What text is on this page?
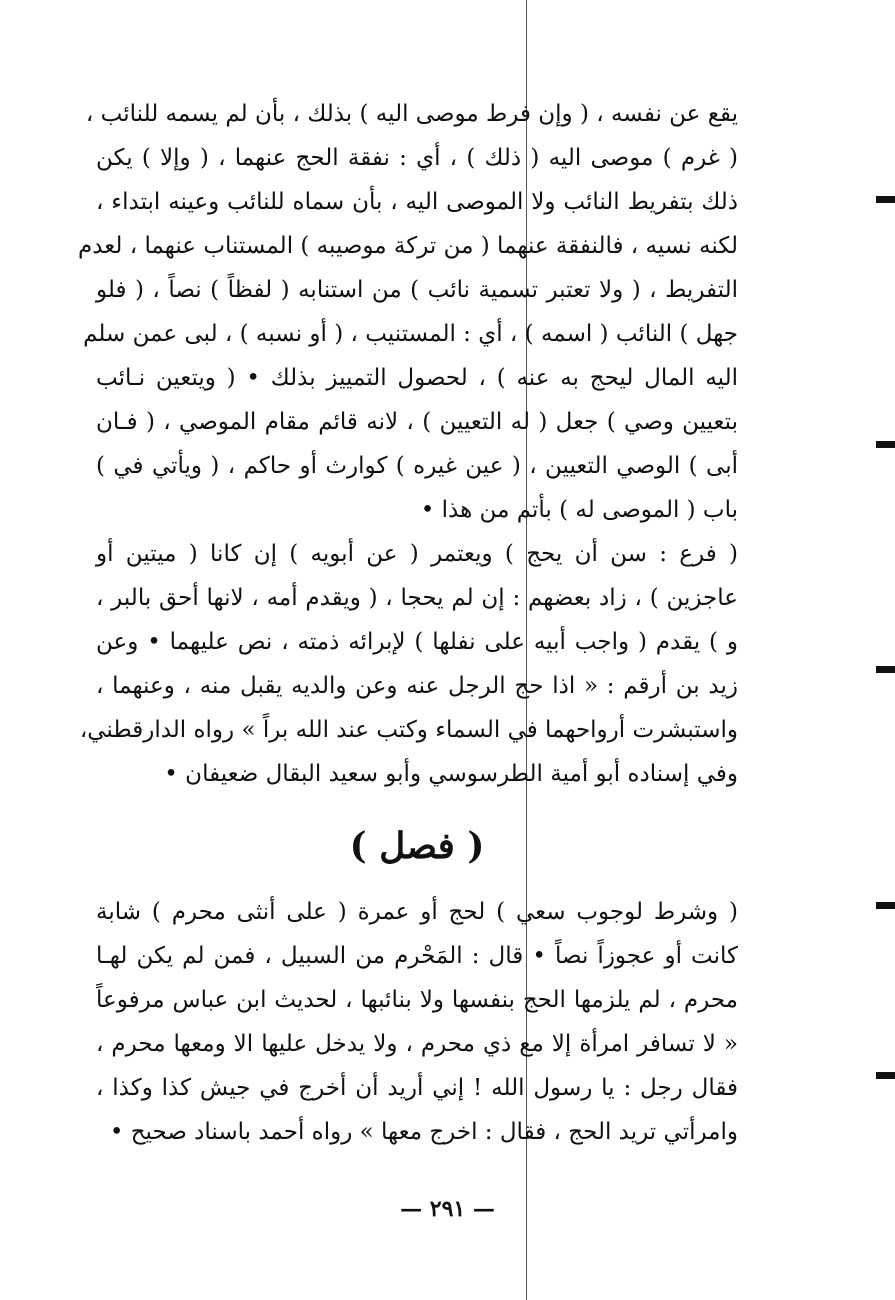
يقع عن نفسه ، ( وإن فرط موصى اليه ) بذلك ، بأن لم يسمه للنائب ،
( غرم ) موصى اليه ( ذلك ) ، أي : نفقة الحج عنهما ، ( وإلا ) يكن
ذلك بتفريط النائب ولا الموصى اليه ، بأن سماه للنائب وعينه ابتداء ،
لكنه نسيه ، فالنفقة عنهما ( من تركة موصيبه ) المستناب عنهما ، لعدم
التفريط ، ( ولا تعتبر تسمية نائب ) من استنابه ( لفظاً ) نصاً ، ( فلو
جهل ) النائب ( اسمه ) ، أي : المستنيب ، ( أو نسبه ) ، لبى عمن سلم
اليه المال ليحج به عنه ) ، لحصول التمييز بذلك • ( ويتعين نـائب
بتعيين وصي ) جعل ( له التعيين ) ، لانه قائم مقام الموصي ، ( فـان
أبى ) الوصي التعيين ، ( عين غيره ) كوارث أو حاكم ، ( ويأتي في )
باب ( الموصى له ) بأتم من هذا •
( فرع : سن أن يحج ) ويعتمر ( عن أبويه ) إن كانا ( ميتين أو
عاجزين ) ، زاد بعضهم : إن لم يحجا ، ( ويقدم أمه ، لانها أحق بالبر ،
و ) يقدم ( واجب أبيه على نفلها ) لإبرائه ذمته ، نص عليهما • وعن
زيد بن أرقم : « اذا حج الرجل عنه وعن والديه يقبل منه ، وعنهما ،
واستبشرت أرواحهما في السماء وكتب عند الله براً » رواه الدارقطني،
وفي إسناده أبو أمية الطرسوسي وأبو سعيد البقال ضعيفان •
( فصل )
( وشرط لوجوب سعي ) لحج أو عمرة ( على أنثى محرم ) شابة
كانت أو عجوزاً نصاً • قال : المَحْرم من السبيل ، فمن لم يكن لهـا
محرم ، لم يلزمها الحج بنفسها ولا بنائبها ، لحديث ابن عباس مرفوعاً
« لا تسافر امرأة إلا مع ذي محرم ، ولا يدخل عليها الا ومعها محرم ،
فقال رجل : يا رسول الله ! إني أريد أن أخرج في جيش كذا وكذا ،
وامرأتي تريد الحج ، فقال : اخرج معها » رواه أحمد باسناد صحيح •
— ٢٩١ —
